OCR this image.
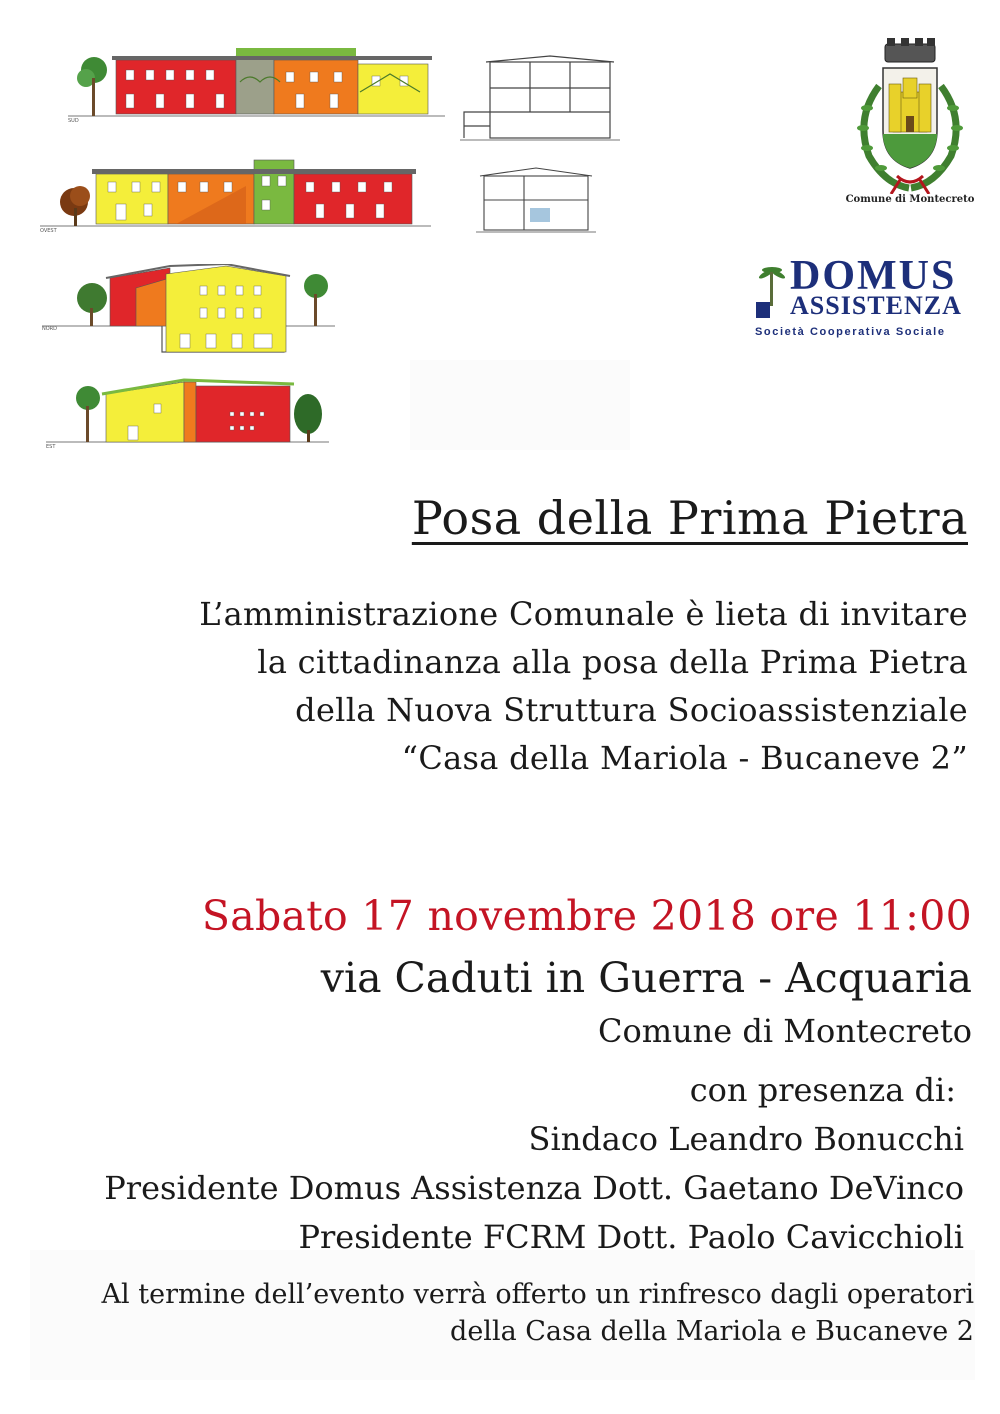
SUD
OVEST
NORD
EST
Comune di Montecreto
DOMUS
ASSISTENZA
Società Cooperativa Sociale
Posa della Prima Pietra
L’amministrazione Comunale è lieta di invitare
la cittadinanza alla posa della Prima Pietra
della Nuova Struttura Socioassistenziale
“Casa della Mariola - Bucaneve 2”
Sabato 17 novembre 2018 ore 11:00
via Caduti in Guerra - Acquaria
Comune di Montecreto
con presenza di:
Sindaco Leandro Bonucchi
Presidente Domus Assistenza Dott. Gaetano DeVinco
Presidente FCRM Dott. Paolo Cavicchioli
Al termine dell’evento verrà offerto un rinfresco dagli operatori
della Casa della Mariola e Bucaneve 2
